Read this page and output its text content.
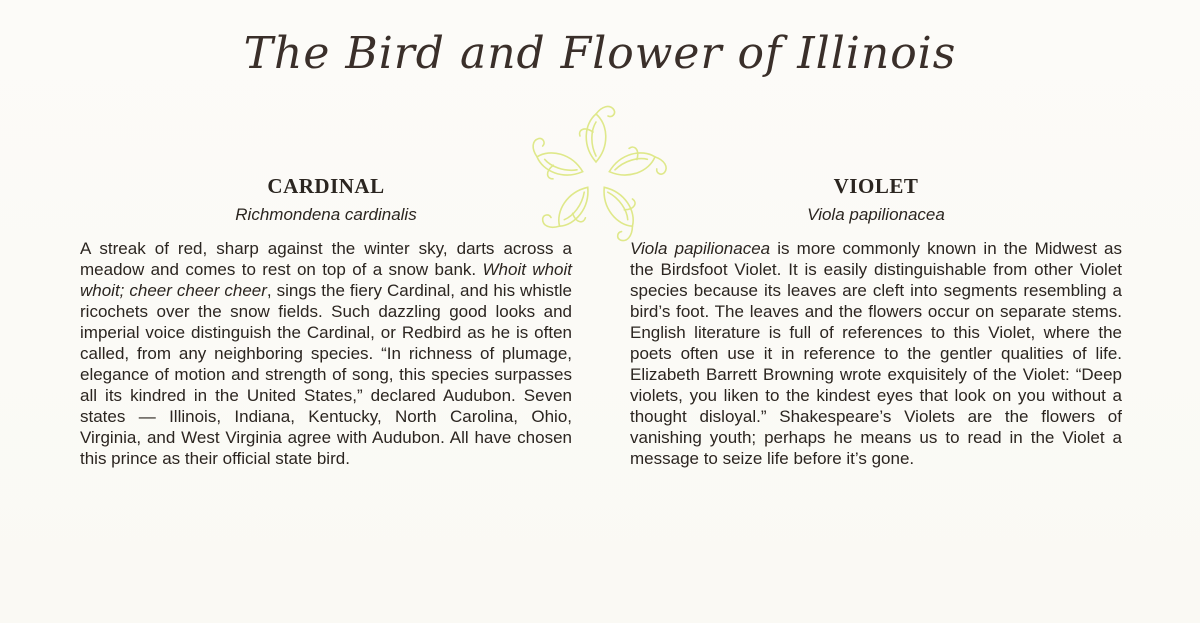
The Bird and Flower of Illinois
CARDINAL
Richmondena cardinalis
A streak of red, sharp against the winter sky, darts across a meadow and comes to rest on top of a snow bank. Whoit whoit whoit; cheer cheer cheer, sings the fiery Cardinal, and his whistle ricochets over the snow fields. Such dazzling good looks and imperial voice distinguish the Cardinal, or Redbird as he is often called, from any neighboring species. “In richness of plumage, elegance of motion and strength of song, this species surpasses all its kindred in the United States,” declared Audubon. Seven states — Illinois, Indiana, Kentucky, North Carolina, Ohio, Virginia, and West Virginia agree with Audubon. All have chosen this prince as their official state bird.
VIOLET
Viola papilionacea
Viola papilionacea is more commonly known in the Midwest as the Birdsfoot Violet. It is easily distinguishable from other Violet species because its leaves are cleft into segments resembling a bird’s foot. The leaves and the flowers occur on separate stems. English literature is full of references to this Violet, where the poets often use it in reference to the gentler qualities of life. Elizabeth Barrett Browning wrote exquisitely of the Violet: “Deep violets, you liken to the kindest eyes that look on you without a thought disloyal.” Shakespeare’s Violets are the flowers of vanishing youth; perhaps he means us to read in the Violet a message to seize life before it’s gone.
